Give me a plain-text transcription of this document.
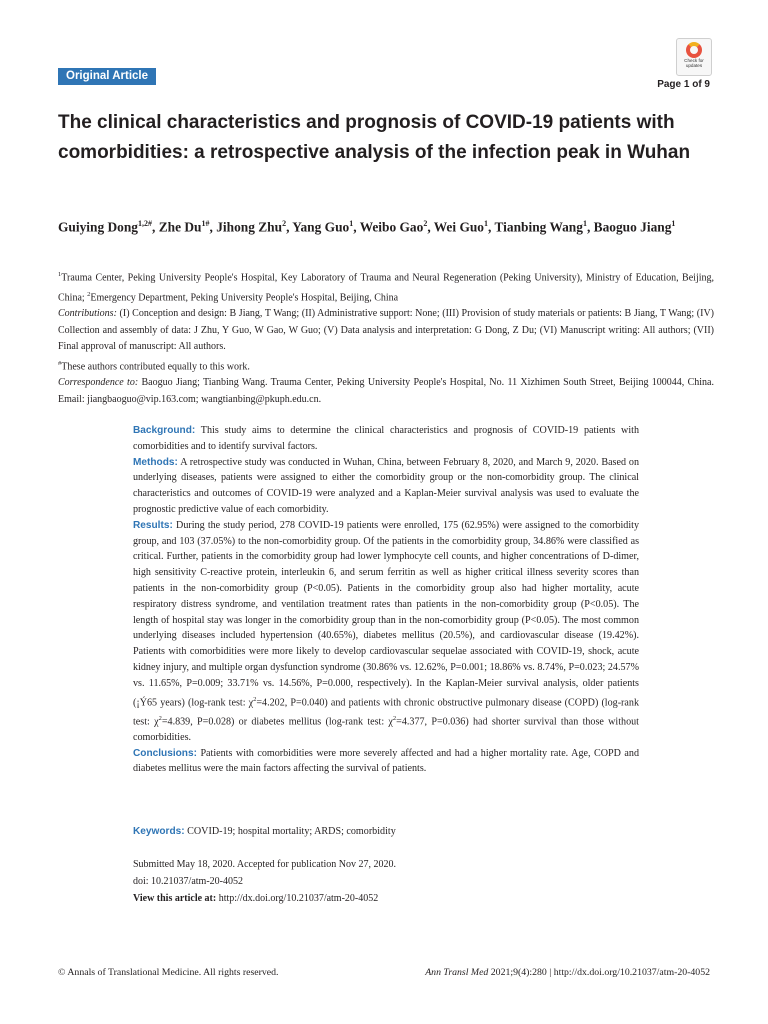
Original Article
Check for updates
Page 1 of 9
The clinical characteristics and prognosis of COVID-19 patients with comorbidities: a retrospective analysis of the infection peak in Wuhan
Guiying Dong$^{1,2\#}$, Zhe $Du^{1\#}$, Jihong Zhu$^2$, Yang Guo$^1$, Weibo Gao$^2$, Wei Guo$^1$, Tianbing Wang$^1$, Baoguo Jiang$^1$

$^1$Trauma Center, Peking University People's Hospital, Key Laboratory of Trauma and Neural Regeneration (Peking University), Ministry of Education, Beijing, China; $^2$Emergency Department, Peking University People's Hospital, Beijing, China

Contributions: (I) Conception and design: B Jiang, T Wang; (II) Administrative support: None; (III) Provision of study materials or patients: B Jiang, T Wang; (IV) Collection and assembly of data: J Zhu, Y Guo, W Gao, W Guo; (V) Data analysis and interpretation: G Dong, Z Du; (VI) Manuscript writing: All authors; (VII) Final approval of manuscript: All authors.

#These authors contributed equally to this work.

Correspondence to: Baoguo Jiang; Tianbing Wang. Trauma Center, Peking University People's Hospital, No. 11 Xizhimen South Street, Beijing 100044, China. Email: jiangbaoguo@vip.163.com; wangtianbing@pkuph.edu.cn.

Background: This study aims to determine the clinical characteristics and prognosis of COVID-19 patients with comorbidities and to identify survival factors.

Methods: A retrospective study was conducted in Wuhan, China, between February 8, 2020, and March 9, 2020. Based on underlying diseases, patients were assigned to either the comorbidity group or the non-comorbidity group. The clinical characteristics and outcomes of COVID-19 were analyzed and a Kaplan-Meier survival analysis was used to evaluate the prognostic predictive value of each comorbidity.

Results: During the study period, 278 COVID-19 patients were enrolled, 175 (62.95%) were assigned to the comorbidity group, and 103 (37.05%) to the non-comorbidity group. Of the patients in the comorbidity group, 34.86% were classified as critical. Further, patients in the comorbidity group had lower lymphocyte cell counts, and higher concentrations of D-dimer, high sensitivity C-reactive protein, interleukin 6, and serum ferritin as well as higher critical illness severity scores than patients in the non-comorbidity group (P<0.05). Patients in the comorbidity group also had higher mortality, acute respiratory distress syndrome, and ventilation treatment rates than patients in the non-comorbidity group (P<0.05). The length of hospital stay was longer in the comorbidity group than in the non-comorbidity group (P<0.05). The most common underlying diseases included hypertension (40.65%), diabetes mellitus (20.5%), and cardiovascular disease (19.42%). Patients with comorbidities were more likely to develop cardiovascular sequelae associated with COVID-19, shock, acute kidney injury, and multiple organ dysfunction syndrome (30.86% vs. 12.62%, P=0.001; 18.86% vs. 8.74%, P=0.023; 24.57% vs. 11.65%, P=0.009; 33.71% vs. 14.56%, P=0.000, respectively). In the Kaplan-Meier survival analysis, older patients (¡Ý65 years) (log-rank test: $\chi^2=4.202$, P=0.040) and patients with chronic obstructive pulmonary disease (COPD) (log-rank test: $\chi^2=4.839$, P=0.028) or diabetes mellitus (log-rank test: $\chi^2=4.377$, P=0.036) had shorter survival than those without comorbidities.

Conclusions: Patients with comorbidities were more severely affected and had a higher mortality rate. Age, COPD and diabetes mellitus were the main factors affecting the survival of patients.

Keywords: COVID-19; hospital mortality; ARDS; comorbidity

Submitted May 18, 2020. Accepted for publication Nov 27, 2020.

doi: 10.21037/atm-20-4052

View this article at: http://dx.doi.org/10.21037/atm-20-4052

© Annals of Translational Medicine. All rights reserved.	Ann Transl Med 2021;9(4):280 | http://dx.doi.org/10.21037/atm-20-4052
